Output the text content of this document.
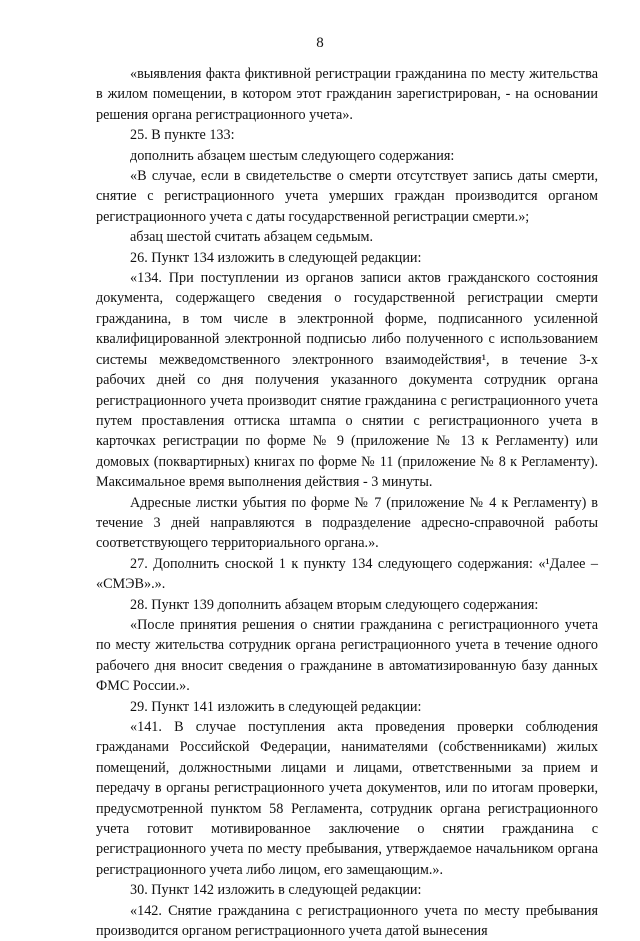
8

«выявления факта фиктивной регистрации гражданина по месту жительства в жилом помещении, в котором этот гражданин зарегистрирован, - на основании решения органа регистрационного учета».

25. В пункте 133:

дополнить абзацем шестым следующего содержания:

«В случае, если в свидетельстве о смерти отсутствует запись даты смерти, снятие с регистрационного учета умерших граждан производится органом регистрационного учета с даты государственной регистрации смерти.»;

абзац шестой считать абзацем седьмым.

26. Пункт 134 изложить в следующей редакции:

«134. При поступлении из органов записи актов гражданского состояния документа, содержащего сведения о государственной регистрации смерти гражданина, в том числе в электронной форме, подписанного усиленной квалифицированной электронной подписью либо полученного с использованием системы межведомственного электронного взаимодействия¹, в течение 3-х рабочих дней со дня получения указанного документа сотрудник органа регистрационного учета производит снятие гражданина с регистрационного учета путем проставления оттиска штампа о снятии с регистрационного учета в карточках регистрации по форме № 9 (приложение № 13 к Регламенту) или домовых (поквартирных) книгах по форме № 11 (приложение № 8 к Регламенту). Максимальное время выполнения действия - 3 минуты.

Адресные листки убытия по форме № 7 (приложение № 4 к Регламенту) в течение 3 дней направляются в подразделение адресно-справочной работы соответствующего территориального органа.».

27. Дополнить сноской 1 к пункту 134 следующего содержания: «¹Далее – «СМЭВ».».

28. Пункт 139 дополнить абзацем вторым следующего содержания:

«После принятия решения о снятии гражданина с регистрационного учета по месту жительства сотрудник органа регистрационного учета в течение одного рабочего дня вносит сведения о гражданине в автоматизированную базу данных ФМС России.».

29. Пункт 141 изложить в следующей редакции:

«141. В случае поступления акта проведения проверки соблюдения гражданами Российской Федерации, нанимателями (собственниками) жилых помещений, должностными лицами и лицами, ответственными за прием и передачу в органы регистрационного учета документов, или по итогам проверки, предусмотренной пунктом 58 Регламента, сотрудник органа регистрационного учета готовит мотивированное заключение о снятии гражданина с регистрационного учета по месту пребывания, утверждаемое начальником органа регистрационного учета либо лицом, его замещающим.».

30. Пункт 142 изложить в следующей редакции:

«142. Снятие гражданина с регистрационного учета по месту пребывания производится органом регистрационного учета датой вынесения
